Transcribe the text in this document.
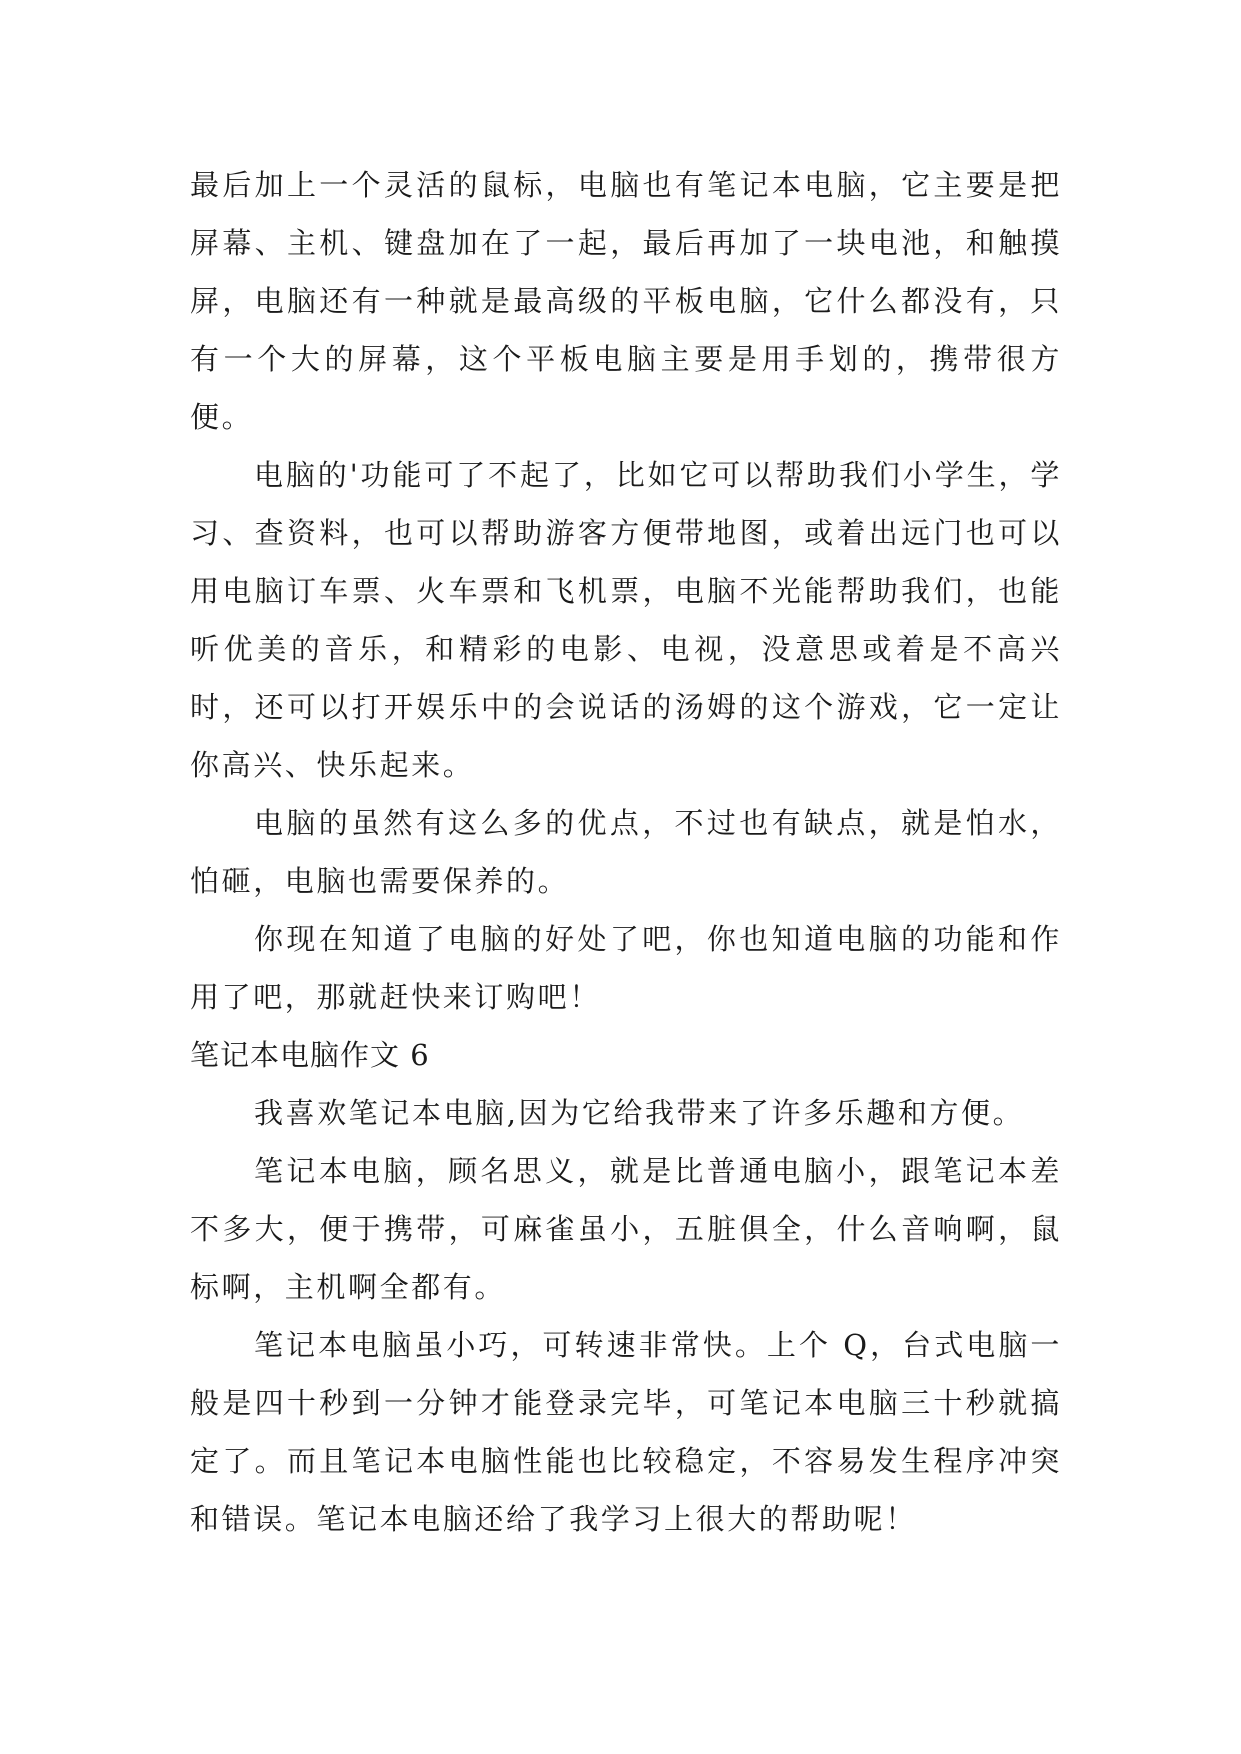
最后加上一个灵活的鼠标，电脑也有笔记本电脑，它主要是把屏幕、主机、键盘加在了一起，最后再加了一块电池，和触摸屏，电脑还有一种就是最高级的平板电脑，它什么都没有，只有一个大的屏幕，这个平板电脑主要是用手划的，携带很方便。

电脑的'功能可了不起了，比如它可以帮助我们小学生，学习、查资料，也可以帮助游客方便带地图，或着出远门也可以用电脑订车票、火车票和飞机票，电脑不光能帮助我们，也能听优美的音乐，和精彩的电影、电视，没意思或着是不高兴时，还可以打开娱乐中的会说话的汤姆的这个游戏，它一定让你高兴、快乐起来。

电脑的虽然有这么多的优点，不过也有缺点，就是怕水，怕砸，电脑也需要保养的。

你现在知道了电脑的好处了吧，你也知道电脑的功能和作用了吧，那就赶快来订购吧！

笔记本电脑作文 6

我喜欢笔记本电脑,因为它给我带来了许多乐趣和方便。

笔记本电脑，顾名思义，就是比普通电脑小，跟笔记本差不多大，便于携带，可麻雀虽小，五脏俱全，什么音响啊，鼠标啊，主机啊全都有。

笔记本电脑虽小巧，可转速非常快。上个 Q，台式电脑一般是四十秒到一分钟才能登录完毕，可笔记本电脑三十秒就搞定了。而且笔记本电脑性能也比较稳定，不容易发生程序冲突和错误。笔记本电脑还给了我学习上很大的帮助呢！
